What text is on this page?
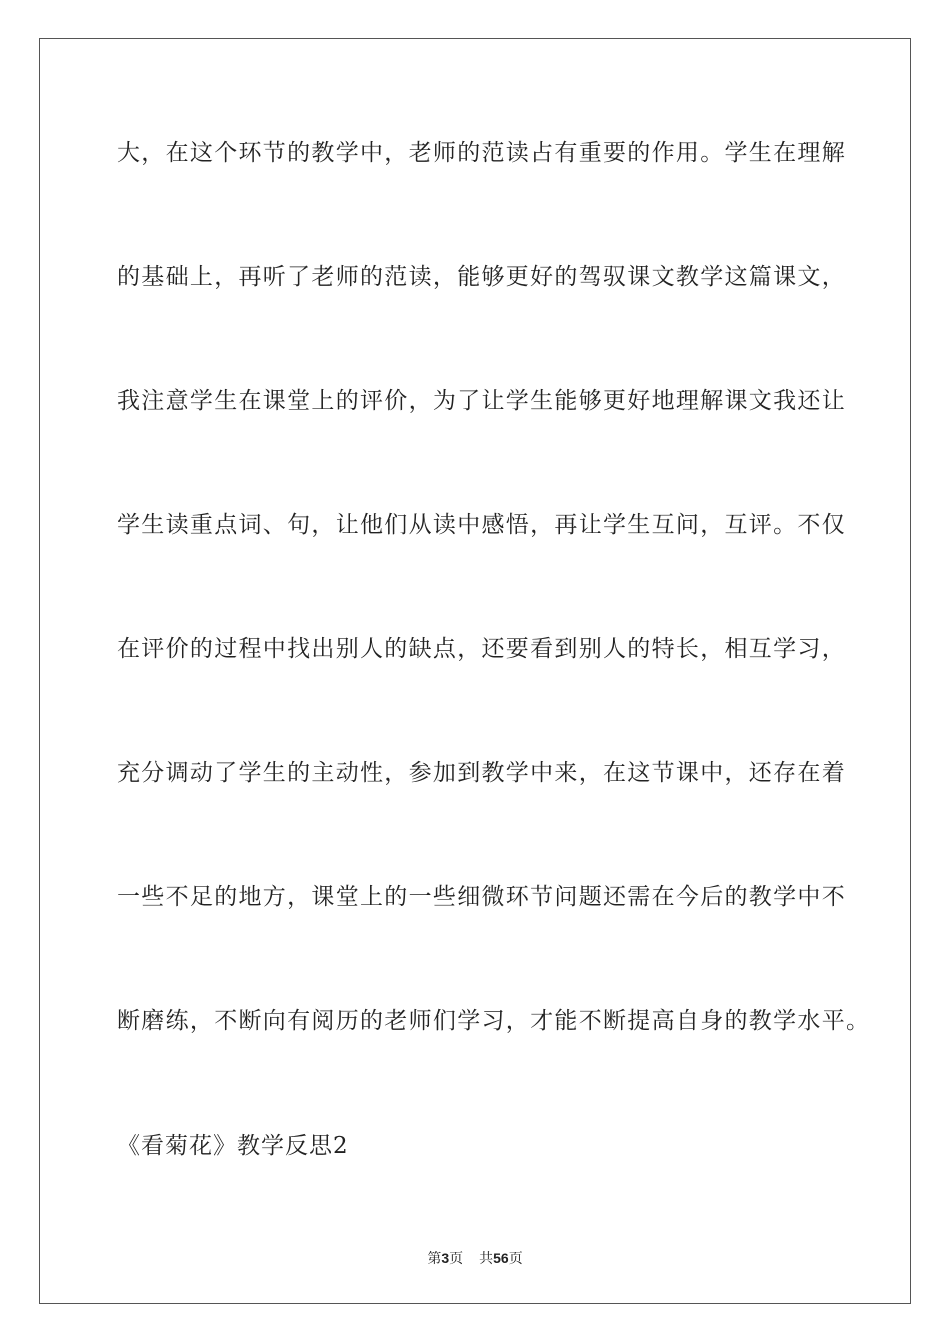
大，在这个环节的教学中，老师的范读占有重要的作用。学生在理解
的基础上，再听了老师的范读，能够更好的驾驭课文教学这篇课文，
我注意学生在课堂上的评价，为了让学生能够更好地理解课文我还让
学生读重点词、句，让他们从读中感悟，再让学生互问，互评。不仅
在评价的过程中找出别人的缺点，还要看到别人的特长，相互学习，
充分调动了学生的主动性，参加到教学中来，在这节课中，还存在着
一些不足的地方，课堂上的一些细微环节问题还需在今后的教学中不
断磨练，不断向有阅历的老师们学习，才能不断提高自身的教学水平。
《看菊花》教学反思2
第3页 共56页
